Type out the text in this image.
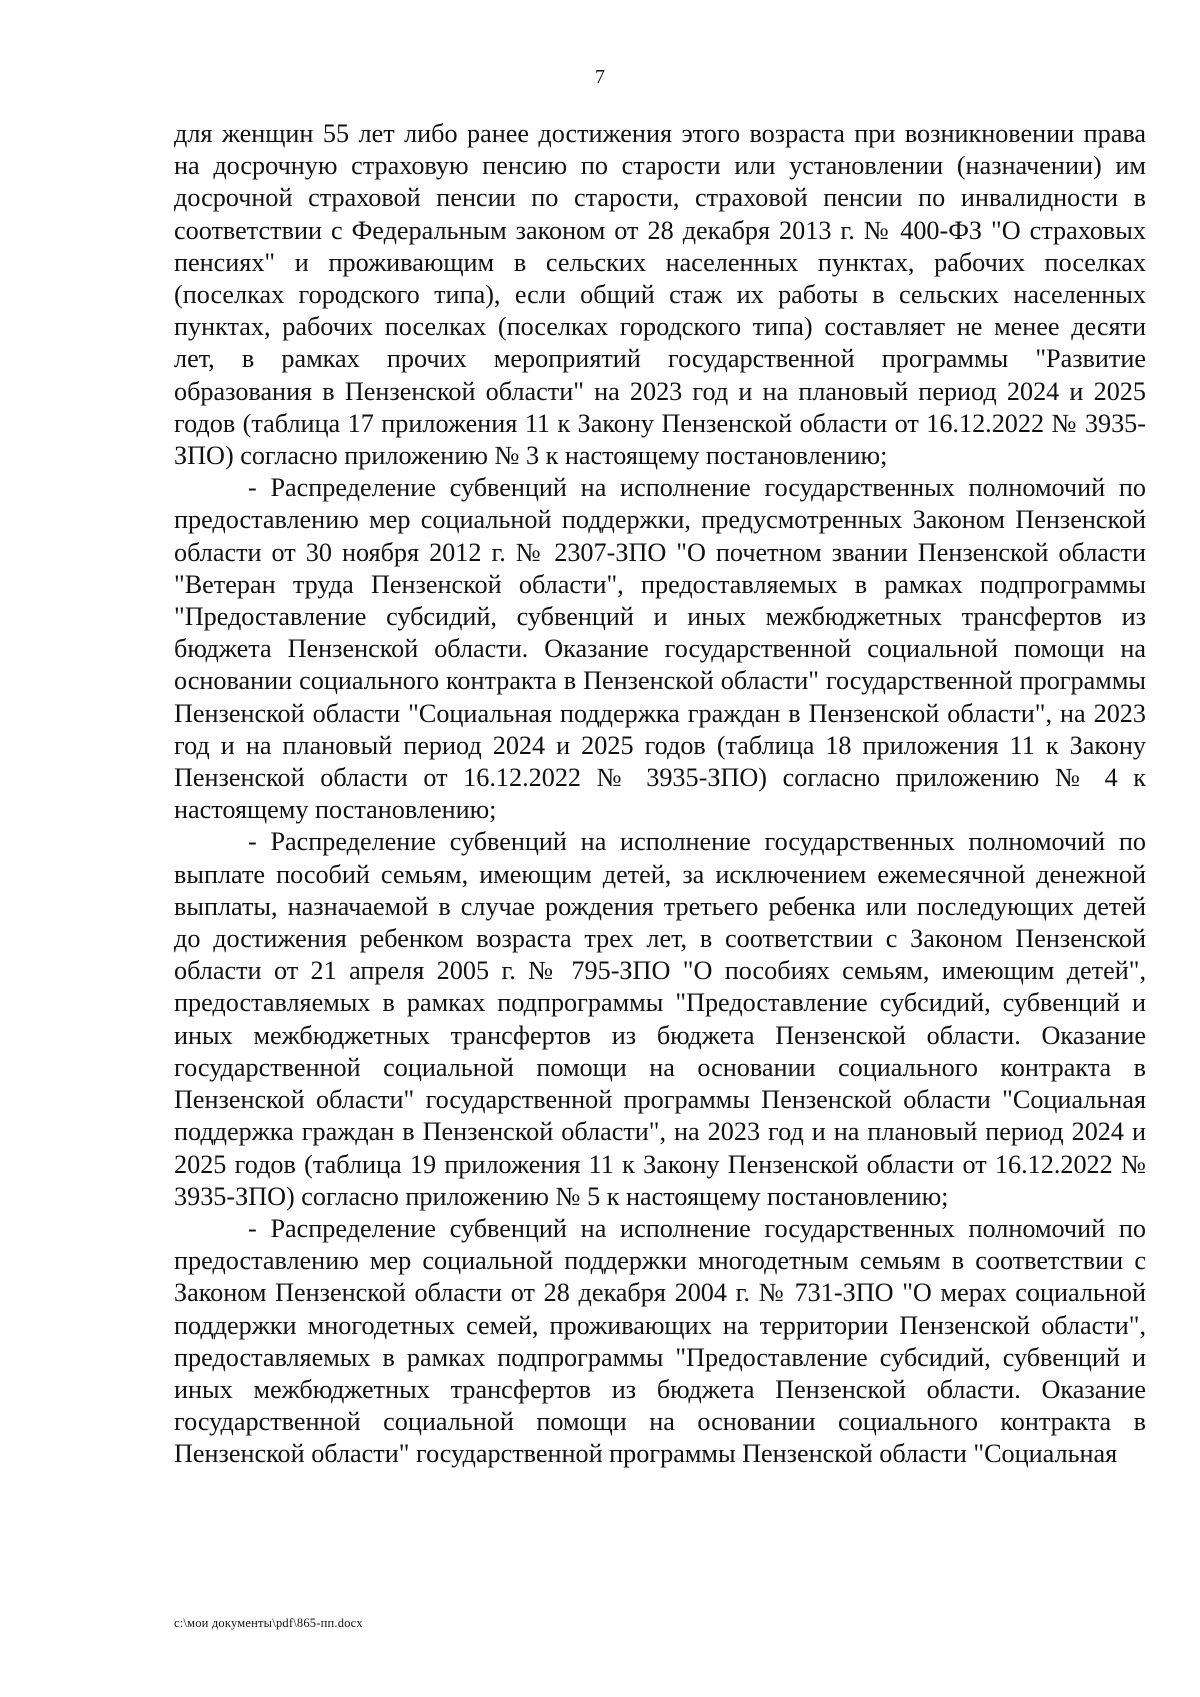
7

для женщин 55 лет либо ранее достижения этого возраста при возникновении права на досрочную страховую пенсию по старости или установлении (назначении) им досрочной страховой пенсии по старости, страховой пенсии по инвалидности в соответствии с Федеральным законом от 28 декабря 2013 г. № 400-ФЗ "О страховых пенсиях" и проживающим в сельских населенных пунктах, рабочих поселках (поселках городского типа), если общий стаж их работы в сельских населенных пунктах, рабочих поселках (поселках городского типа) составляет не менее десяти лет, в рамках прочих мероприятий государственной программы "Развитие образования в Пензенской области" на 2023 год и на плановый период 2024 и 2025 годов (таблица 17 приложения 11 к Закону Пензенской области от 16.12.2022 № 3935-ЗПО) согласно приложению № 3 к настоящему постановлению;

- Распределение субвенций на исполнение государственных полномочий по предоставлению мер социальной поддержки, предусмотренных Законом Пензенской области от 30 ноября 2012 г. № 2307-ЗПО "О почетном звании Пензенской области "Ветеран труда Пензенской области", предоставляемых в рамках подпрограммы "Предоставление субсидий, субвенций и иных межбюджетных трансфертов из бюджета Пензенской области. Оказание государственной социальной помощи на основании социального контракта в Пензенской области" государственной программы Пензенской области "Социальная поддержка граждан в Пензенской области", на 2023 год и на плановый период 2024 и 2025 годов (таблица 18 приложения 11 к Закону Пензенской области от 16.12.2022 № 3935-ЗПО) согласно приложению № 4 к настоящему постановлению;

- Распределение субвенций на исполнение государственных полномочий по выплате пособий семьям, имеющим детей, за исключением ежемесячной денежной выплаты, назначаемой в случае рождения третьего ребенка или последующих детей до достижения ребенком возраста трех лет, в соответствии с Законом Пензенской области от 21 апреля 2005 г. № 795-ЗПО "О пособиях семьям, имеющим детей", предоставляемых в рамках подпрограммы "Предоставление субсидий, субвенций и иных межбюджетных трансфертов из бюджета Пензенской области. Оказание государственной социальной помощи на основании социального контракта в Пензенской области" государственной программы Пензенской области "Социальная поддержка граждан в Пензенской области", на 2023 год и на плановый период 2024 и 2025 годов (таблица 19 приложения 11 к Закону Пензенской области от 16.12.2022 № 3935-ЗПО) согласно приложению № 5 к настоящему постановлению;

- Распределение субвенций на исполнение государственных полномочий по предоставлению мер социальной поддержки многодетным семьям в соответствии с Законом Пензенской области от 28 декабря 2004 г. № 731-ЗПО "О мерах социальной поддержки многодетных семей, проживающих на территории Пензенской области", предоставляемых в рамках подпрограммы "Предоставление субсидий, субвенций и иных межбюджетных трансфертов из бюджета Пензенской области. Оказание государственной социальной помощи на основании социального контракта в Пензенской области" государственной программы Пензенской области "Социальная

c:\мои документы\pdf\865-пп.docx
